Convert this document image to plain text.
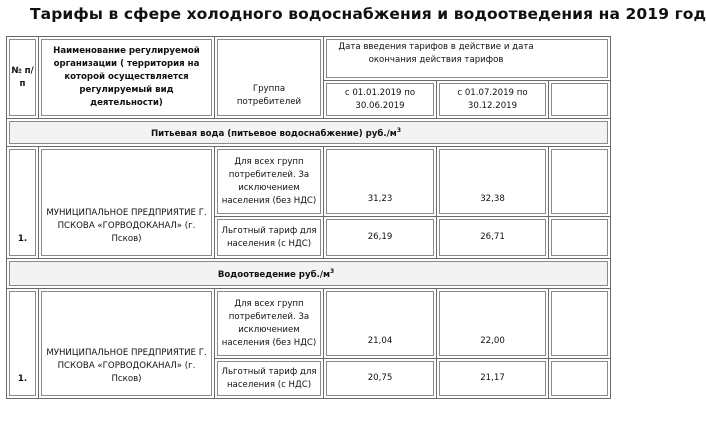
Тарифы в сфере холодного водоснабжения и водоотведения на 2019 год
№ п/п	Наименование регулируемой организации ( территория на которой осуществляется регулируемый вид деятельности)	Группа потребителей	Дата введения тарифов в действие и дата окончания действия тарифов		
			с 01.01.2019 по 30.06.2019	с 01.07.2019 по 30.12.2019	
Питьевая вода (питьевое водоснабжение) $руб./м^3$
1.	МУНИЦИПАЛЬНОЕ ПРЕДПРИЯТИЕ Г. ПСКОВА «ГОРВОДОКАНАЛ» (г. Псков)	Для всех групп потребителей. За исключением населения (без НДС)	31,23	32,38	
		Льготный тариф для населения (с НДС)	26,19	26,71	
Водоотведение $руб./м^3$
1.	МУНИЦИПАЛЬНОЕ ПРЕДПРИЯТИЕ Г. ПСКОВА «ГОРВОДОКАНАЛ» (г. Псков)	Для всех групп потребителей. За исключением населения (без НДС)	21,04	22,00	
		Льготный тариф для населения (с НДС)	20,75	21,17	
